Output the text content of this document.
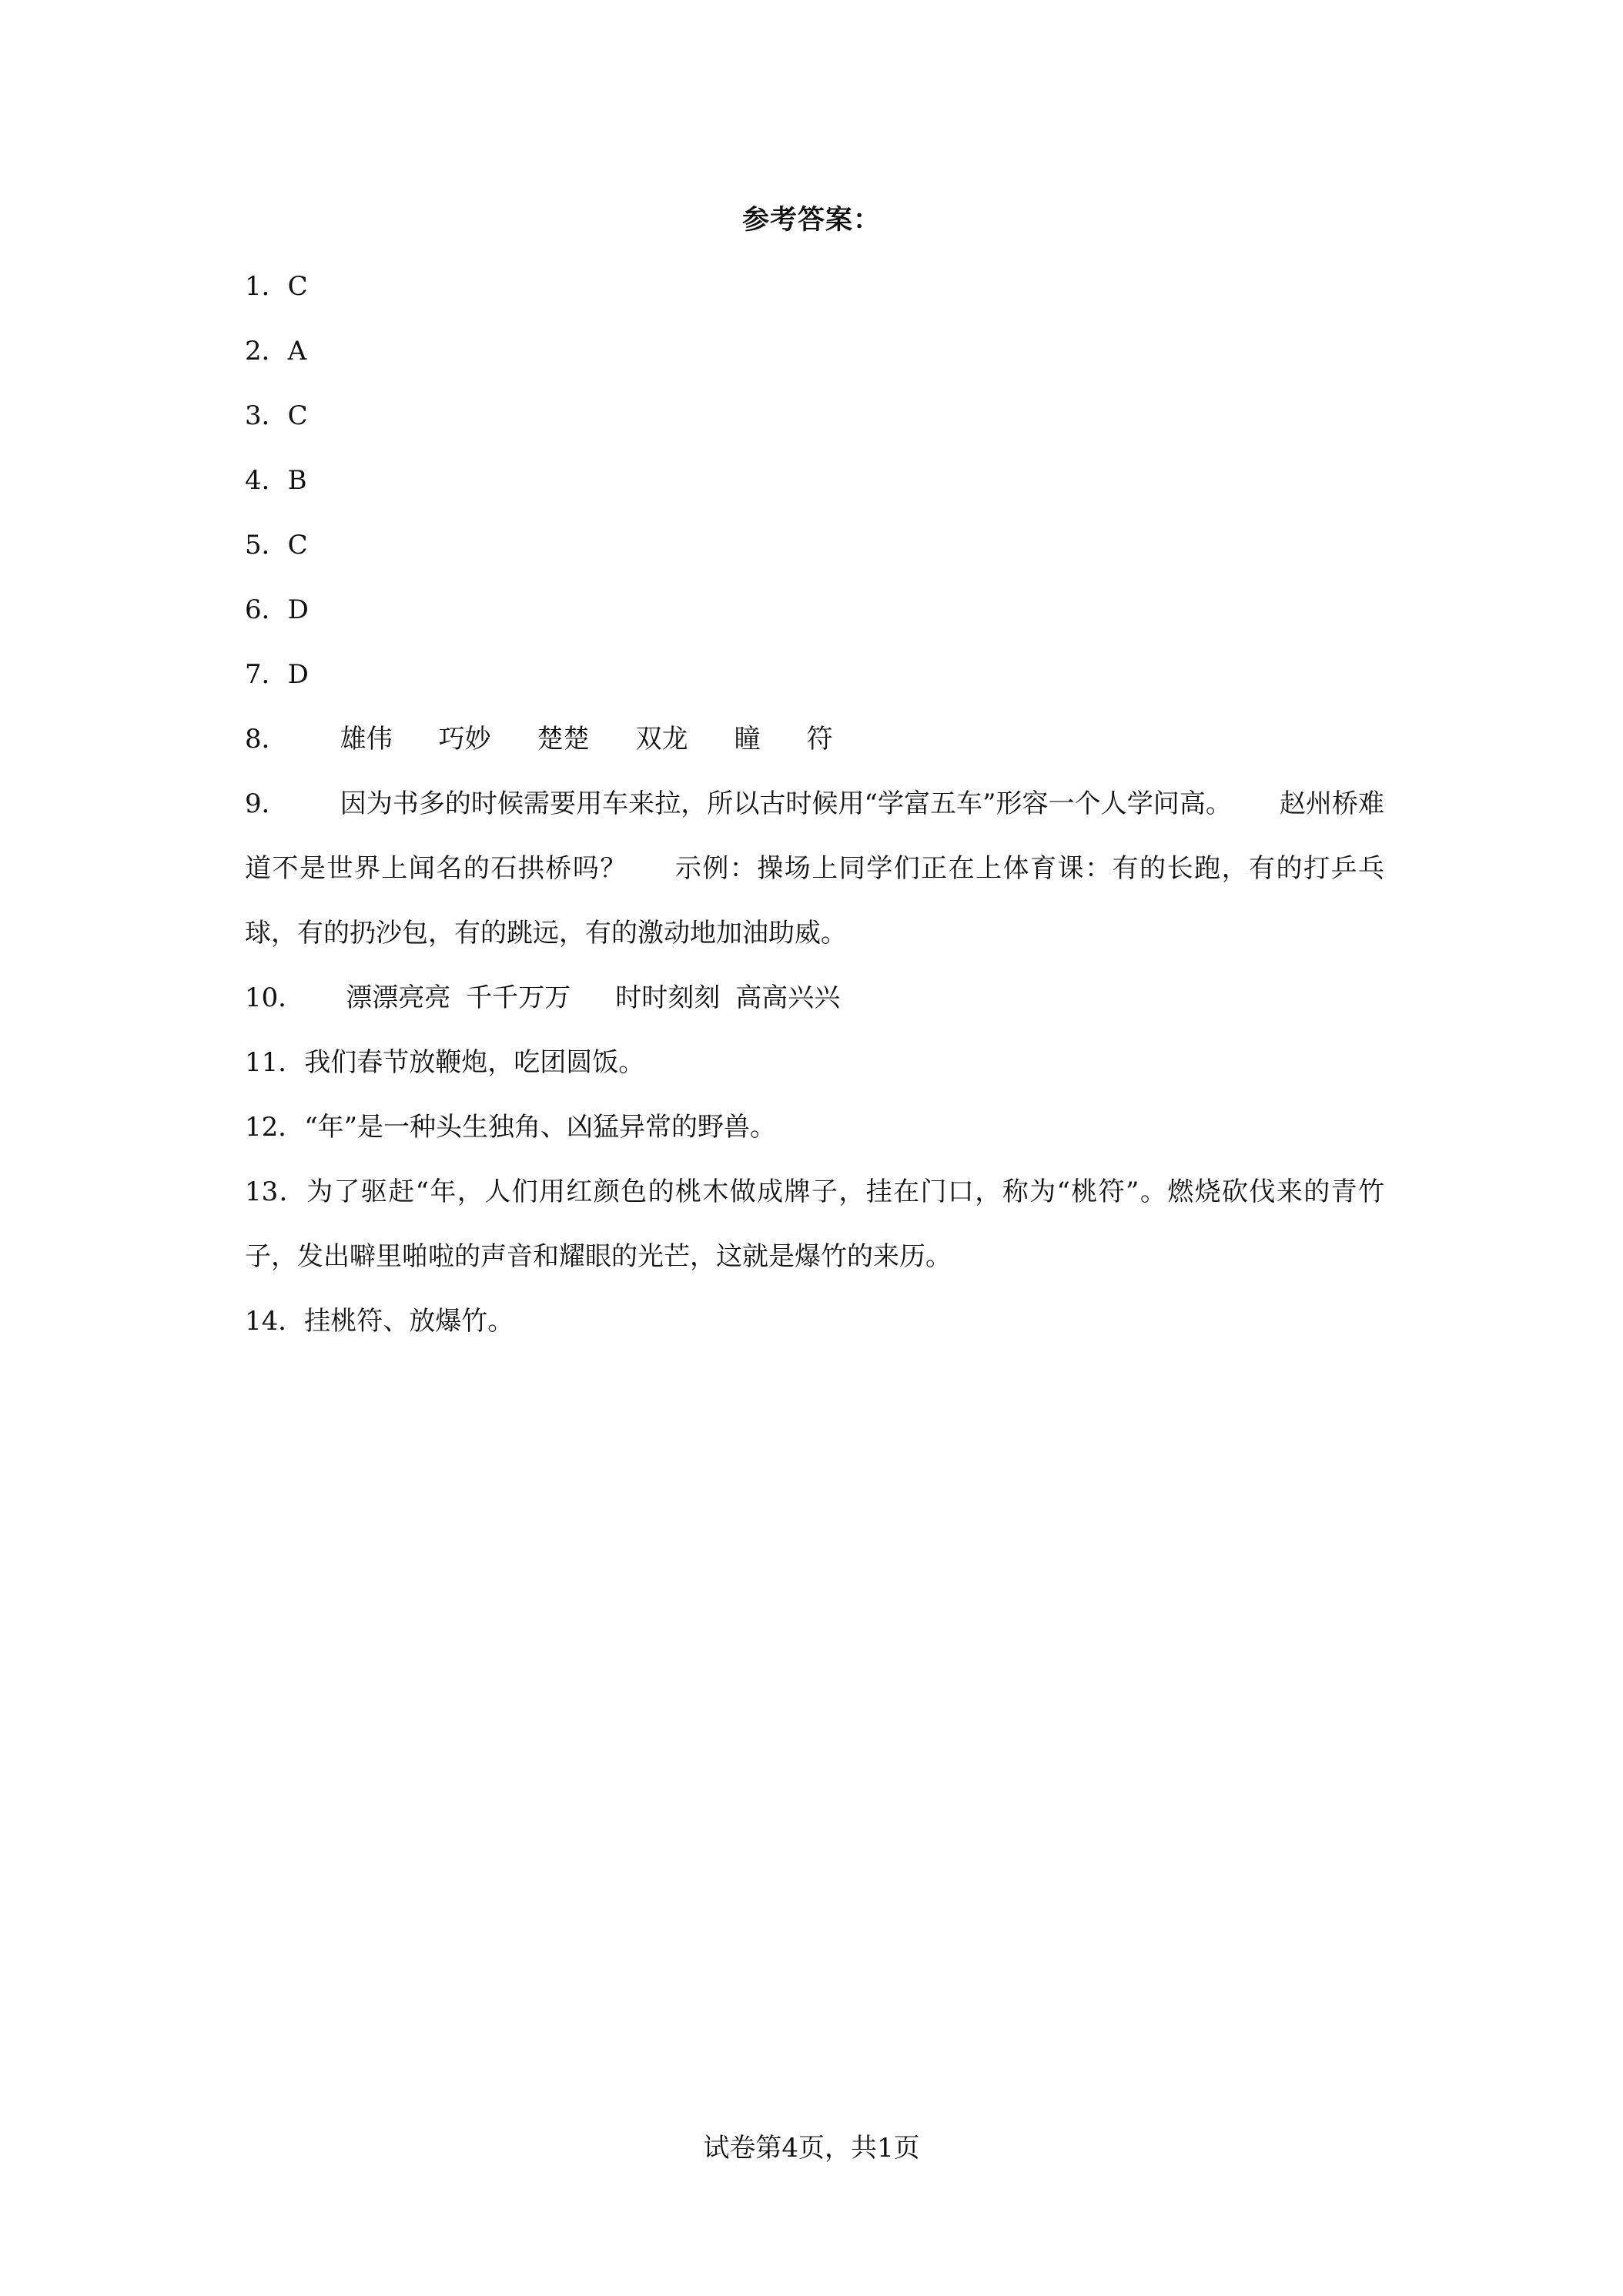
参考答案：
1．C
2．A
3．C
4．B
5．C
6．D
7．D
8． 雄伟 巧妙 楚楚 双龙 瞳 符
9． 因为书多的时候需要用车来拉，所以古时候用“学富五车”形容一个人学问高。 赵州桥难道不是世界上闻名的石拱桥吗？ 示例：操场上同学们正在上体育课：有的长跑，有的打乒乓球，有的扔沙包，有的跳远，有的激动地加油助威。
10． 漂漂亮亮 千千万万 时时刻刻 高高兴兴
11．我们春节放鞭炮，吃团圆饭。
12．“年”是一种头生独角、凶猛异常的野兽。
13．为了驱赶“年，人们用红颜色的桃木做成牌子，挂在门口，称为“桃符”。燃烧砍伐来的青竹子，发出噼里啪啦的声音和耀眼的光芒，这就是爆竹的来历。
14．挂桃符、放爆竹。
试卷第4页，共1页
